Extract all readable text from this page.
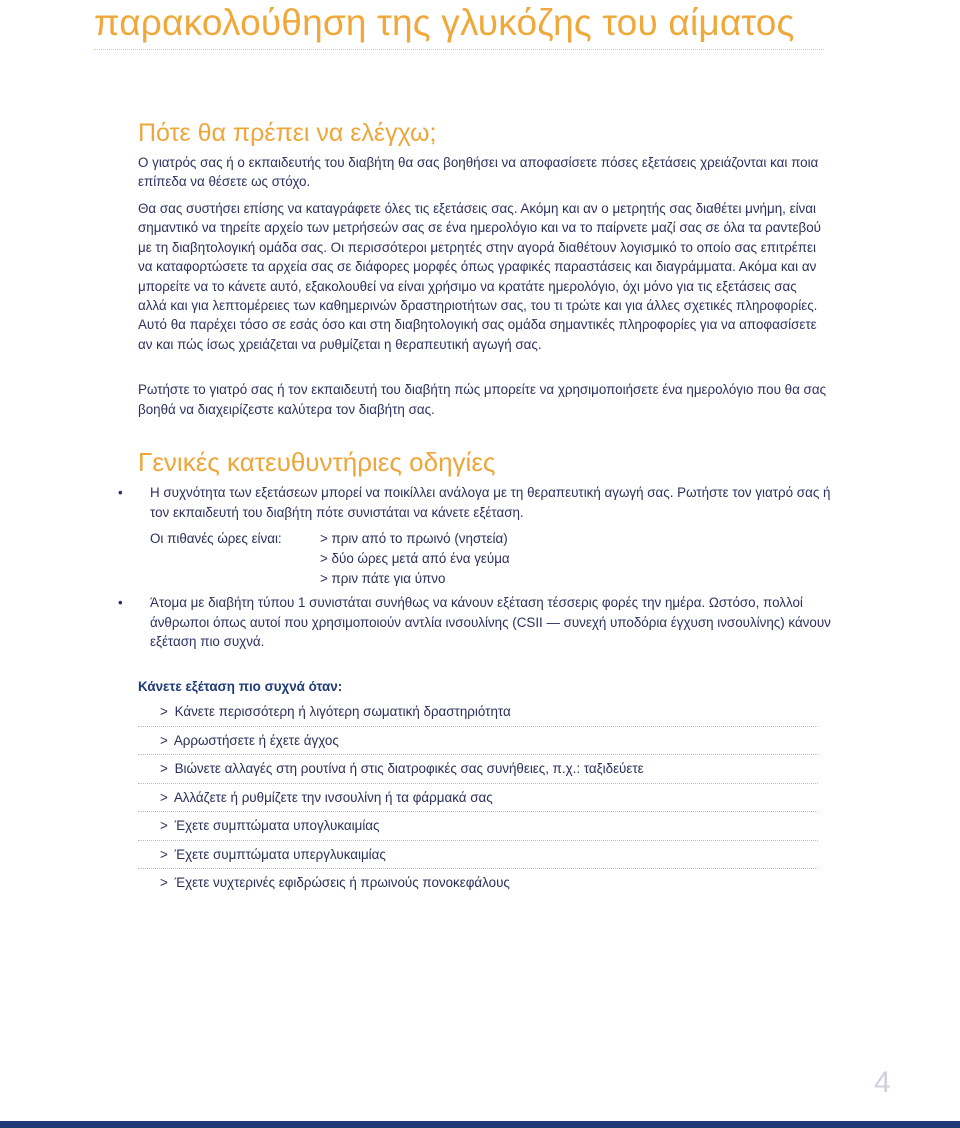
παρακολούθηση της γλυκόζης του αίματος
Πότε θα πρέπει να ελέγχω;

Ο γιατρός σας ή ο εκπαιδευτής του διαβήτη θα σας βοηθήσει να αποφασίσετε πόσες εξετάσεις χρειάζονται και ποια επίπεδα να θέσετε ως στόχο.

Θα σας συστήσει επίσης να καταγράφετε όλες τις εξετάσεις σας. Ακόμη και αν ο μετρητής σας διαθέτει μνήμη, είναι σημαντικό να τηρείτε αρχείο των μετρήσεών σας σε ένα ημερολόγιο και να το παίρνετε μαζί σας σε όλα τα ραντεβού με τη διαβητολογική ομάδα σας. Οι περισσότεροι μετρητές στην αγορά διαθέτουν λογισμικό το οποίο σας επιτρέπει να καταφορτώσετε τα αρχεία σας σε διάφορες μορφές όπως γραφικές παραστάσεις και διαγράμματα. Ακόμα και αν μπορείτε να το κάνετε αυτό, εξακολουθεί να είναι χρήσιμο να κρατάτε ημερολόγιο, όχι μόνο για τις εξετάσεις σας αλλά και για λεπτομέρειες των καθημερινών δραστηριοτήτων σας, του τι τρώτε και για άλλες σχετικές πληροφορίες. Αυτό θα παρέχει τόσο σε εσάς όσο και στη διαβητολογική σας ομάδα σημαντικές πληροφορίες για να αποφασίσετε αν και πώς ίσως χρειάζεται να ρυθμίζεται η θεραπευτική αγωγή σας.

Ρωτήστε το γιατρό σας ή τον εκπαιδευτή του διαβήτη πώς μπορείτε να χρησιμοποιήσετε ένα ημερολόγιο που θα σας βοηθά να διαχειρίζεστε καλύτερα τον διαβήτη σας.

Γενικές κατευθυντήριες οδηγίες
• Η συχνότητα των εξετάσεων μπορεί να ποικίλλει ανάλογα με τη θεραπευτική αγωγή σας. Ρωτήστε τον γιατρό σας ή τον εκπαιδευτή του διαβήτη πότε συνιστάται να κάνετε εξέταση.
Οι πιθανές ώρες είναι:	> πριν από το πρωινό (νηστεία)
> δύο ώρες μετά από ένα γεύμα
> πριν πάτε για ύπνο
• Άτομα με διαβήτη τύπου 1 συνιστάται συνήθως να κάνουν εξέταση τέσσερις φορές την ημέρα. Ωστόσο, πολλοί άνθρωποι όπως αυτοί που χρησιμοποιούν αντλία ινσουλίνης (CSII — συνεχή υποδόρια έγχυση ινσουλίνης) κάνουν εξέταση πιο συχνά.
Κάνετε εξέταση πιο συχνά όταν:
> Κάνετε περισσότερη ή λιγότερη σωματική δραστηριότητα
> Αρρωστήσετε ή έχετε άγχος
> Βιώνετε αλλαγές στη ρουτίνα ή στις διατροφικές σας συνήθειες, π.χ.: ταξιδεύετε
> Αλλάζετε ή ρυθμίζετε την ινσουλίνη ή τα φάρμακά σας
> Έχετε συμπτώματα υπογλυκαιμίας
> Έχετε συμπτώματα υπεργλυκαιμίας
> Έχετε νυχτερινές εφιδρώσεις ή πρωινούς πονοκεφάλους
4
